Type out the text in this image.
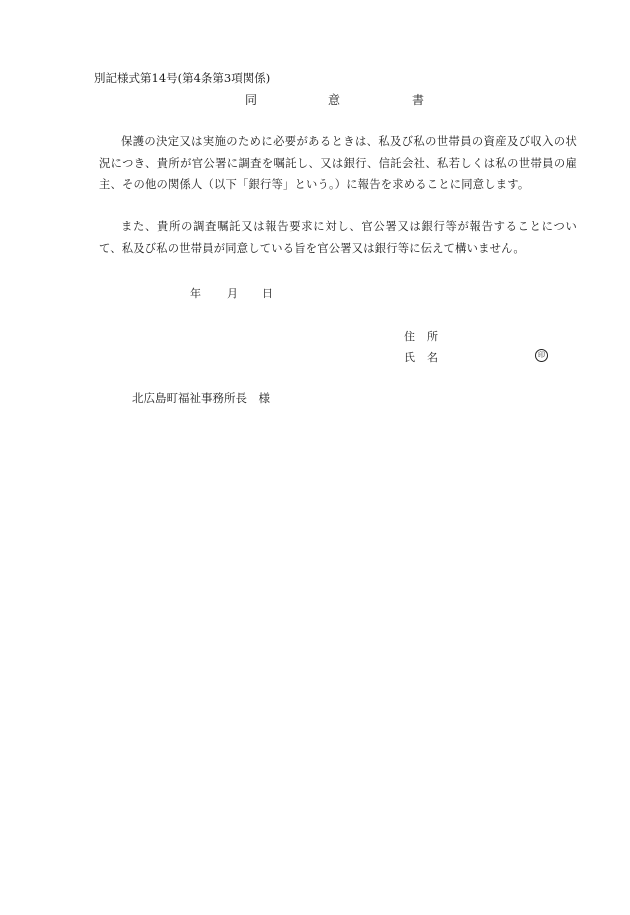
別記様式第14号(第4条第3項関係)
同	意	書

保護の決定又は実施のために必要があるときは、私及び私の世帯員の資産及び収入の状況につき、貴所が官公署に調査を嘱託し、又は銀行、信託会社、私若しくは私の世帯員の雇主、その他の関係人（以下「銀行等」という。）に報告を求めることに同意します。

また、貴所の調査嘱託又は報告要求に対し、官公署又は銀行等が報告することについて、私及び私の世帯員が同意している旨を官公署又は銀行等に伝えて構いません。

年 月 日
住 所
氏 名	印
北広島町福祉事務所長　様
